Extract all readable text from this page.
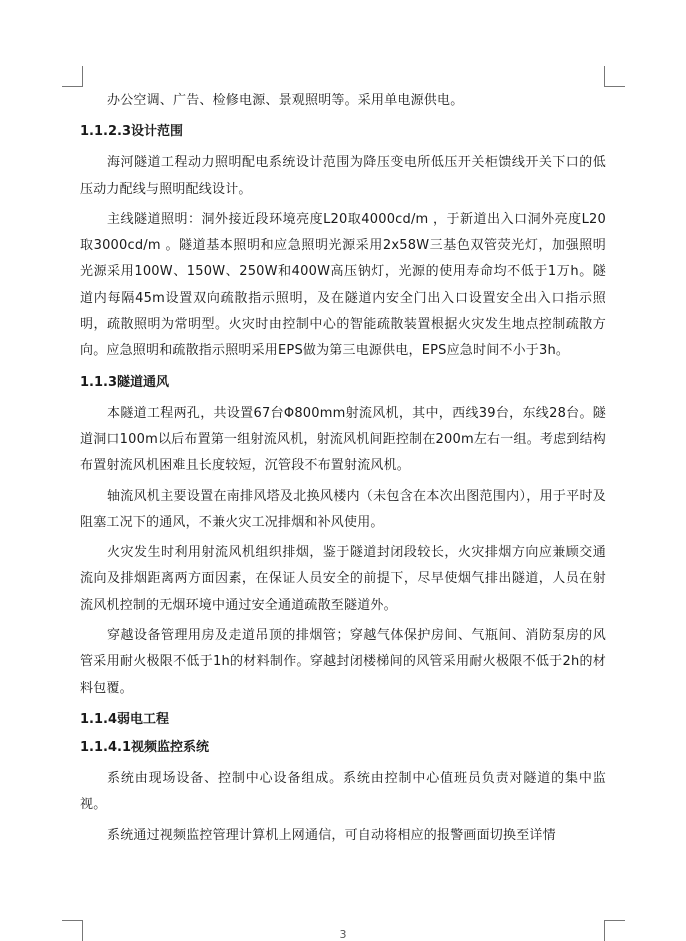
办公空调、广告、检修电源、景观照明等。采用单电源供电。

1.1.2.3设计范围

海河隧道工程动力照明配电系统设计范围为降压变电所低压开关柜馈线开关下口的低压动力配线与照明配线设计。

主线隧道照明：洞外接近段环境亮度L20取4000cd/m ，于新道出入口洞外亮度L20取3000cd/m 。隧道基本照明和应急照明光源采用2x58W三基色双管荧光灯，加强照明光源采用100W、150W、250W和400W高压钠灯，光源的使用寿命均不低于1万h。隧道内每隔45m设置双向疏散指示照明，及在隧道内安全门出入口设置安全出入口指示照明，疏散照明为常明型。火灾时由控制中心的智能疏散装置根据火灾发生地点控制疏散方向。应急照明和疏散指示照明采用EPS做为第三电源供电，EPS应急时间不小于3h。

1.1.3隧道通风

本隧道工程两孔，共设置67台Φ800mm射流风机，其中，西线39台，东线28台。隧道洞口100m以后布置第一组射流风机，射流风机间距控制在200m左右一组。考虑到结构布置射流风机困难且长度较短，沉管段不布置射流风机。

轴流风机主要设置在南排风塔及北换风楼内（未包含在本次出图范围内），用于平时及阻塞工况下的通风，不兼火灾工况排烟和补风使用。

火灾发生时利用射流风机组织排烟，鉴于隧道封闭段较长，火灾排烟方向应兼顾交通流向及排烟距离两方面因素，在保证人员安全的前提下，尽早使烟气排出隧道，人员在射流风机控制的无烟环境中通过安全通道疏散至隧道外。

穿越设备管理用房及走道吊顶的排烟管；穿越气体保护房间、气瓶间、消防泵房的风管采用耐火极限不低于1h的材料制作。穿越封闭楼梯间的风管采用耐火极限不低于2h的材料包覆。

1.1.4弱电工程
1.1.4.1视频监控系统

系统由现场设备、控制中心设备组成。系统由控制中心值班员负责对隧道的集中监视。

系统通过视频监控管理计算机上网通信，可自动将相应的报警画面切换至详情

3
